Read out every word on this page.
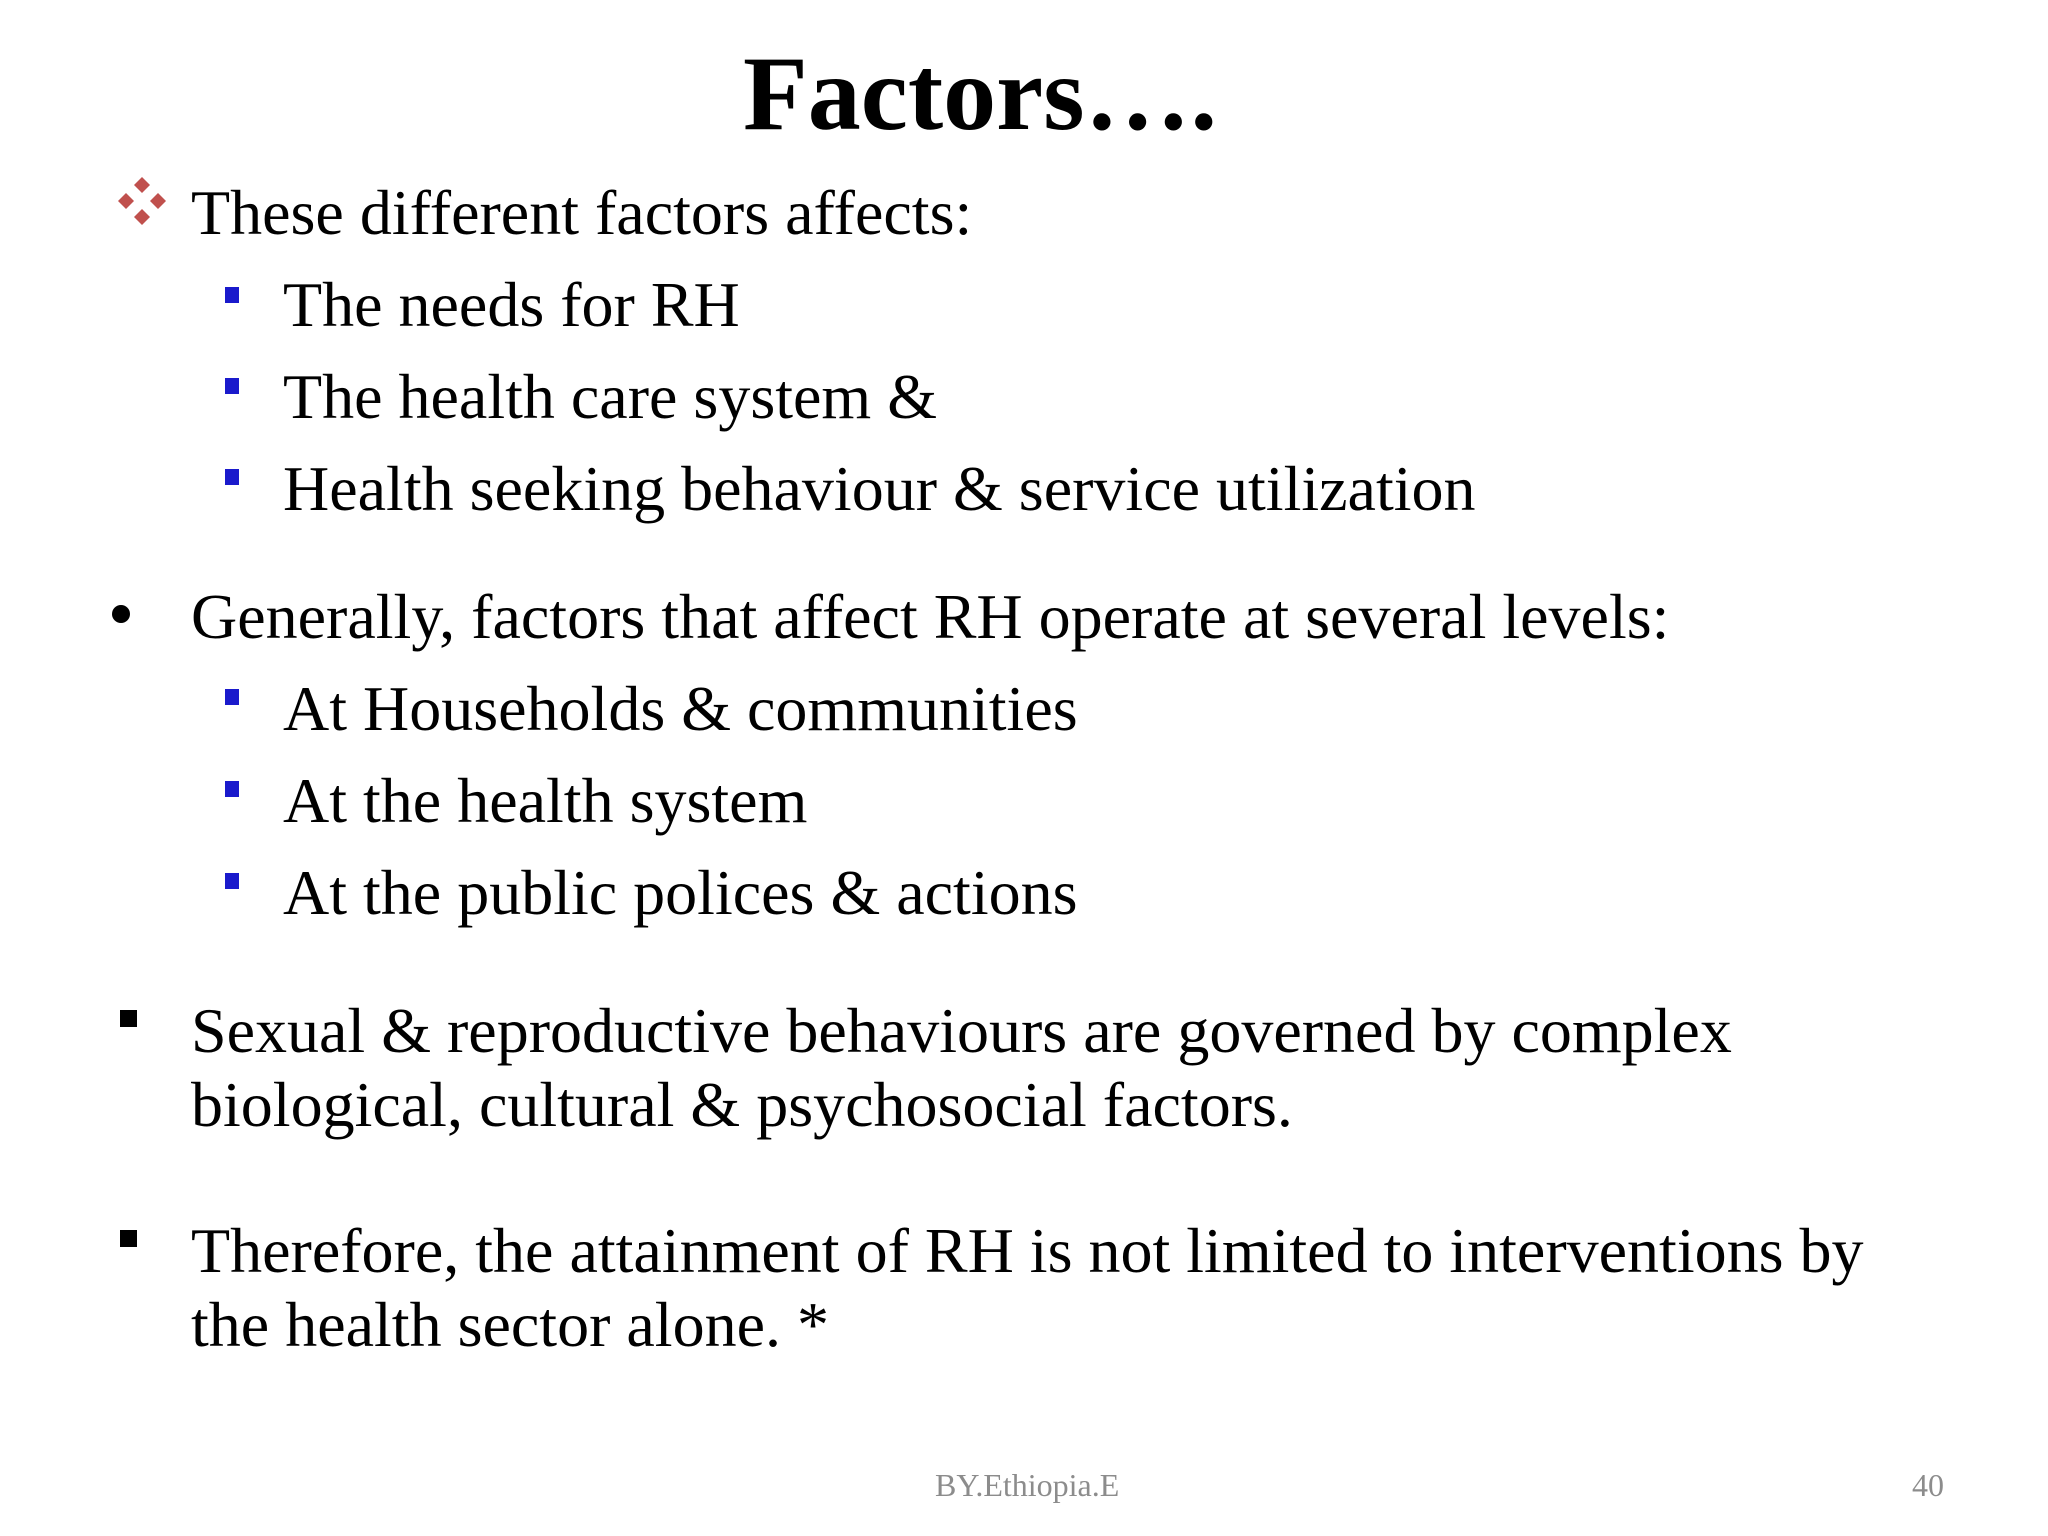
Factors….
These different factors affects:
The needs for RH
The health care system &
Health seeking behaviour & service utilization
Generally, factors that affect RH operate at several levels:
At Households & communities
At the health system
At the public polices & actions
Sexual & reproductive behaviours are governed by complex
biological, cultural & psychosocial factors.
Therefore, the attainment of RH is not limited to interventions by
the health sector alone. *
BY.Ethiopia.E	40
